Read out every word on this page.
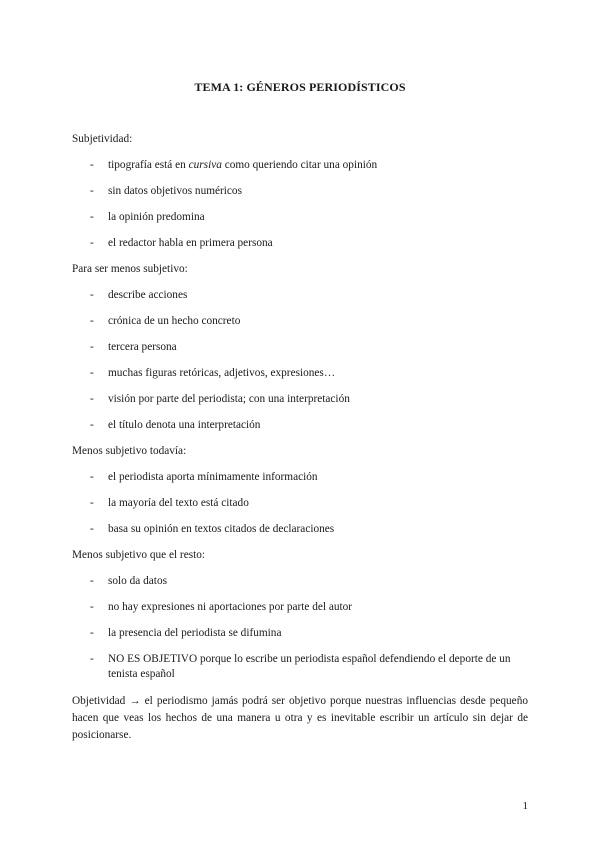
TEMA 1: GÉNEROS PERIODÍSTICOS
Subjetividad:
- tipografía está en cursiva como queriendo citar una opinión
- sin datos objetivos numéricos
- la opinión predomina
- el redactor habla en primera persona
Para ser menos subjetivo:
- describe acciones
- crónica de un hecho concreto
- tercera persona
- muchas figuras retóricas, adjetivos, expresiones…
- visión por parte del periodista; con una interpretación
- el título denota una interpretación
Menos subjetivo todavía:
- el periodista aporta mínimamente información
- la mayoría del texto está citado
- basa su opinión en textos citados de declaraciones
Menos subjetivo que el resto:
- solo da datos
- no hay expresiones ni aportaciones por parte del autor
- la presencia del periodista se difumina
- NO ES OBJETIVO porque lo escribe un periodista español defendiendo el deporte de un tenista español
Objetividad → el periodismo jamás podrá ser objetivo porque nuestras influencias desde pequeño hacen que veas los hechos de una manera u otra y es inevitable escribir un artículo sin dejar de posicionarse.
1
